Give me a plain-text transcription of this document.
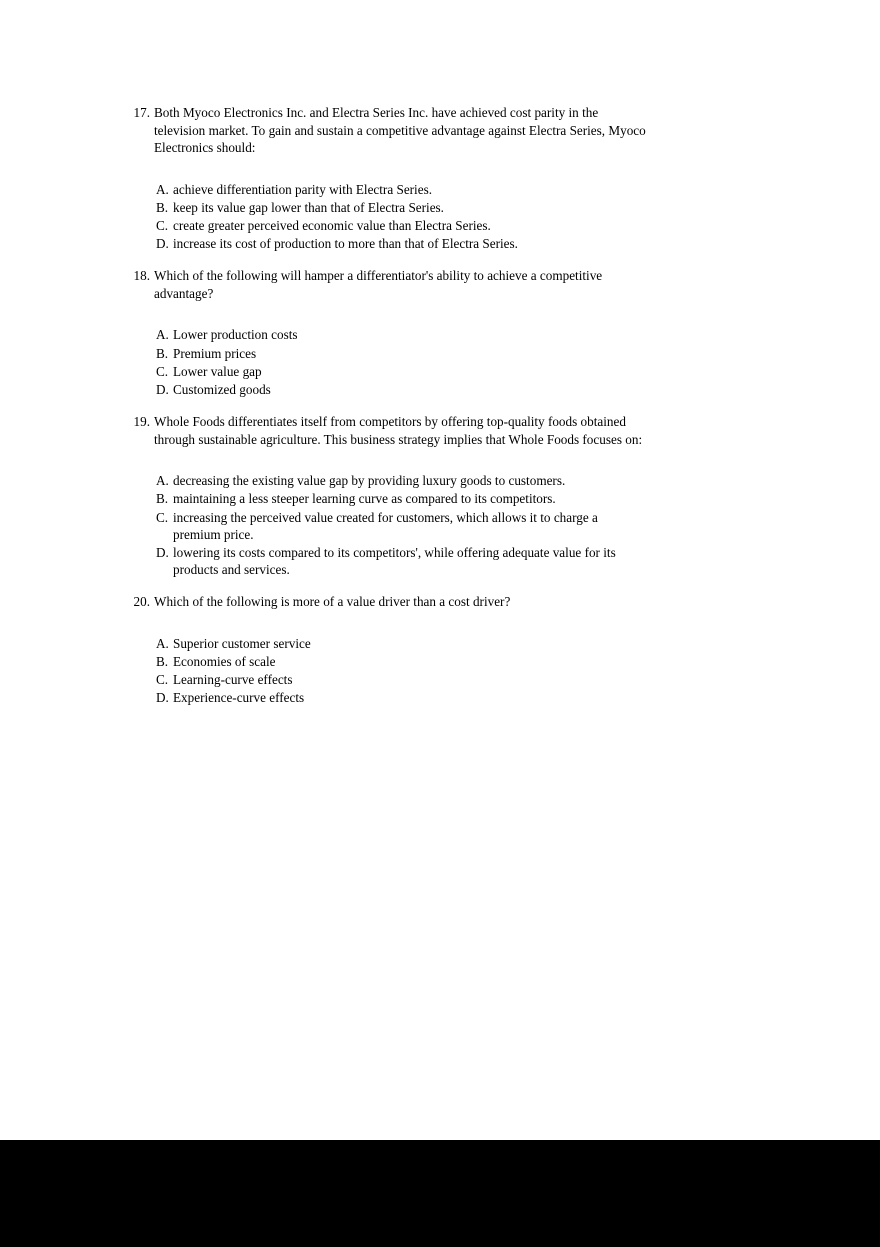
17. Both Myoco Electronics Inc. and Electra Series Inc. have achieved cost parity in the television market. To gain and sustain a competitive advantage against Electra Series, Myoco Electronics should:
A. achieve differentiation parity with Electra Series.
B. keep its value gap lower than that of Electra Series.
C. create greater perceived economic value than Electra Series.
D. increase its cost of production to more than that of Electra Series.
18. Which of the following will hamper a differentiator's ability to achieve a competitive advantage?
A. Lower production costs
B. Premium prices
C. Lower value gap
D. Customized goods
19. Whole Foods differentiates itself from competitors by offering top-quality foods obtained through sustainable agriculture. This business strategy implies that Whole Foods focuses on:
A. decreasing the existing value gap by providing luxury goods to customers.
B. maintaining a less steeper learning curve as compared to its competitors.
C. increasing the perceived value created for customers, which allows it to charge a premium price.
D. lowering its costs compared to its competitors', while offering adequate value for its products and services.
20. Which of the following is more of a value driver than a cost driver?
A. Superior customer service
B. Economies of scale
C. Learning-curve effects
D. Experience-curve effects
